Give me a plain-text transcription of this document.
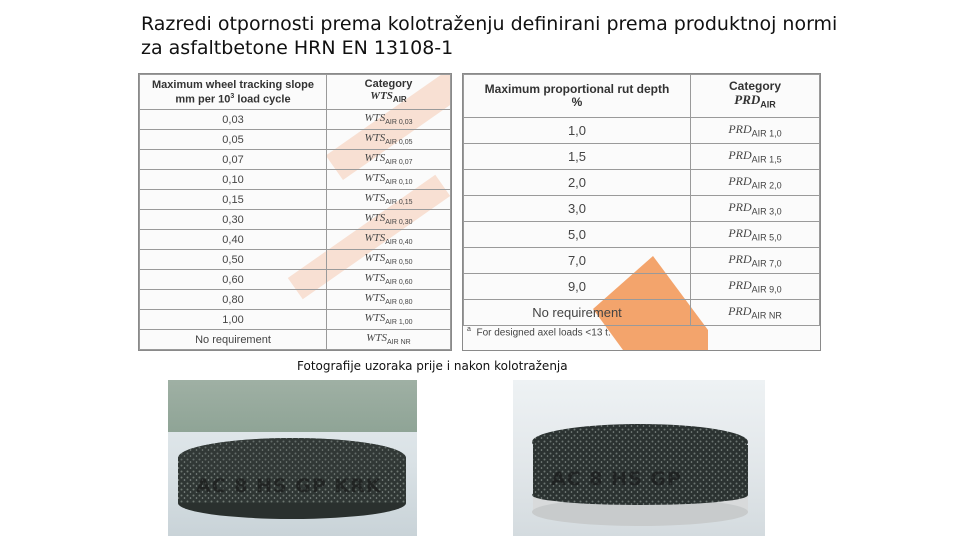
Razredi otpornosti prema kolotraženju definirani prema produktnoj normi
za asfaltbetone HRN EN 13108-1
Maximum wheel tracking slope
mm per $10^3$ load cycle	Category
$WTS_{AIR}$
0,03	$WTS_{AIR 0,03}$
0,05	$WTS_{AIR 0,05}$
0,07	$WTS_{AIR 0,07}$
0,10	$WTS_{AIR 0,10}$
0,15	$WTS_{AIR 0,15}$
0,30	$WTS_{AIR 0,30}$
0,40	$WTS_{AIR 0,40}$
0,50	$WTS_{AIR 0,50}$
0,60	$WTS_{AIR 0,60}$
0,80	$WTS_{AIR 0,80}$
1,00	$WTS_{AIR 1,00}$
No requirement	$WTS_{AIR NR}$
Maximum proportional rut depth
%	Category
$PRD_{AIR}$
1,0	$PRD_{AIR 1,0}$
1,5	$PRD_{AIR 1,5}$
2,0	$PRD_{AIR 2,0}$
3,0	$PRD_{AIR 3,0}$
5,0	$PRD_{AIR 5,0}$
7,0	$PRD_{AIR 7,0}$
9,0	$PRD_{AIR 9,0}$
No requirement	$PRD_{AIR NR}$
$^a$ For designed axel loads <13 t.
Fotografije uzoraka prije i nakon kolotraženja
AC 8 HS GP KRK	AC 8 HS GP
